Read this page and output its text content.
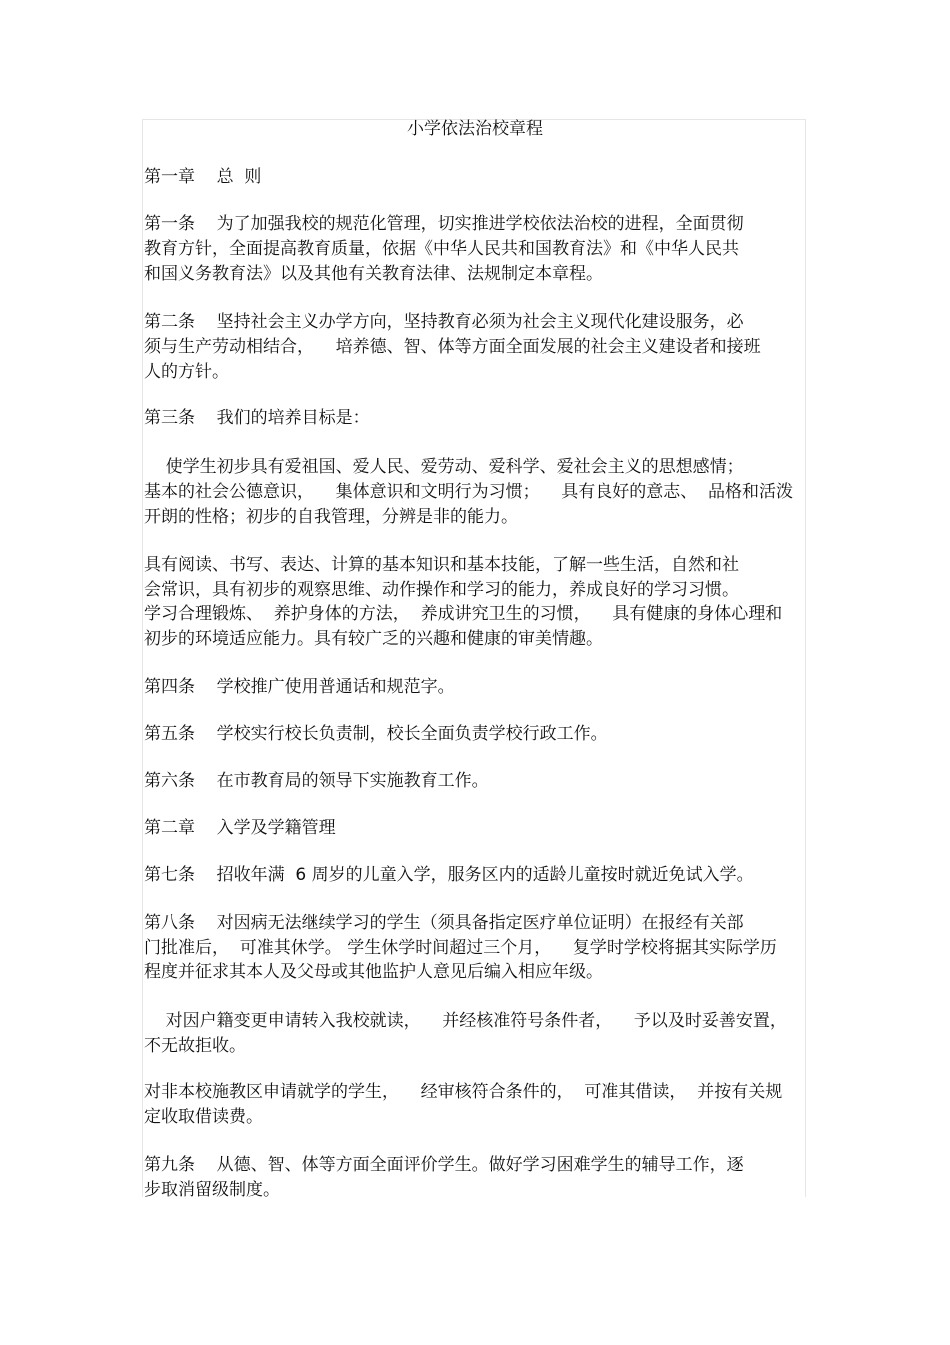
小学依法治校章程

第一章    总  则

第一条    为了加强我校的规范化管理，切实推进学校依法治校的进程，全面贯彻

教育方针，全面提高教育质量，依据《中华人民共和国教育法》和《中华人民共

和国义务教育法》以及其他有关教育法律、法规制定本章程。

第二条    坚持社会主义办学方向，坚持教育必须为社会主义现代化建设服务，必

须与生产劳动相结合，    培养德、智、体等方面全面发展的社会主义建设者和接班

人的方针。

第三条    我们的培养目标是：

使学生初步具有爱祖国、爱人民、爱劳动、爱科学、爱社会主义的思想感情；

基本的社会公德意识，    集体意识和文明行为习惯；    具有良好的意志、  品格和活泼

开朗的性格；初步的自我管理，分辨是非的能力。

具有阅读、书写、表达、计算的基本知识和基本技能，了解一些生活，自然和社

会常识，具有初步的观察思维、动作操作和学习的能力，养成良好的学习习惯。

学习合理锻炼、  养护身体的方法，  养成讲究卫生的习惯，    具有健康的身体心理和

初步的环境适应能力。具有较广乏的兴趣和健康的审美情趣。

第四条    学校推广使用普通话和规范字。

第五条    学校实行校长负责制，校长全面负责学校行政工作。

第六条    在市教育局的领导下实施教育工作。

第二章    入学及学籍管理

第七条    招收年满  6 周岁的儿童入学，服务区内的适龄儿童按时就近免试入学。

第八条    对因病无法继续学习的学生（须具备指定医疗单位证明）在报经有关部

门批准后，  可准其休学。 学生休学时间超过三个月，    复学时学校将据其实际学历

程度并征求其本人及父母或其他监护人意见后编入相应年级。

对因户籍变更申请转入我校就读，    并经核准符号条件者，    予以及时妥善安置，

不无故拒收。

对非本校施教区申请就学的学生，    经审核符合条件的，  可准其借读，  并按有关规

定收取借读费。

第九条    从德、智、体等方面全面评价学生。做好学习困难学生的辅导工作，逐

步取消留级制度。
